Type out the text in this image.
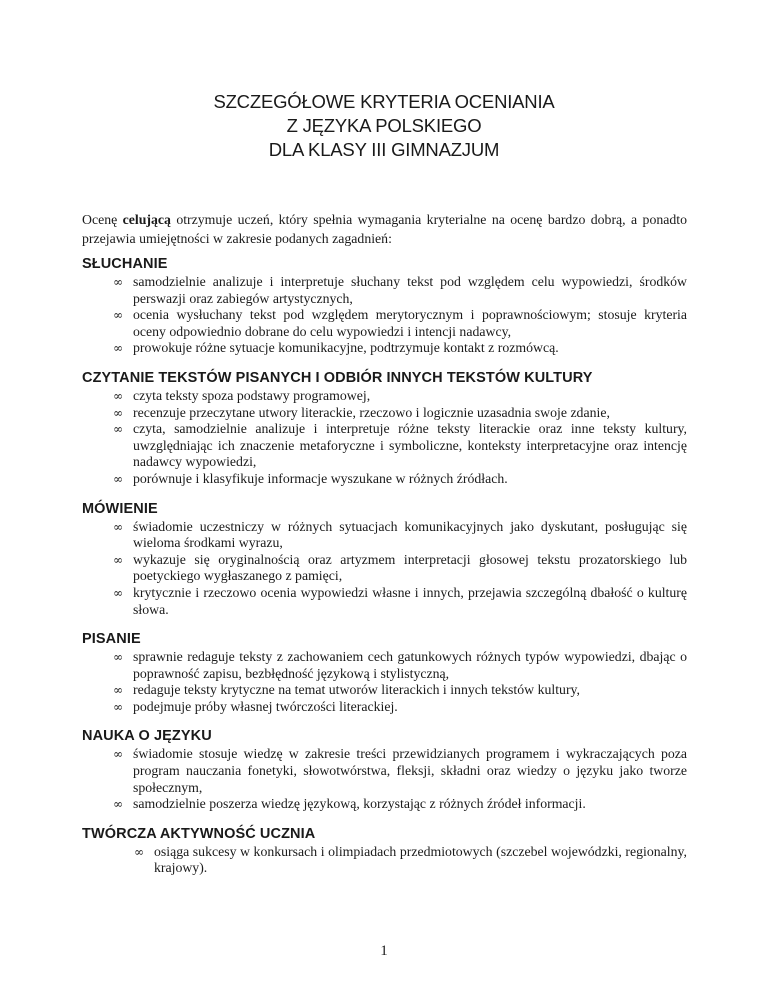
SZCZEGÓŁOWE KRYTERIA OCENIANIA
Z JĘZYKA POLSKIEGO
DLA KLASY III GIMNAZJUM

Ocenę celującą otrzymuje uczeń, który spełnia wymagania kryterialne na ocenę bardzo dobrą, a ponadto przejawia umiejętności w zakresie podanych zagadnień:

SŁUCHANIE
∞ samodzielnie analizuje i interpretuje słuchany tekst pod względem celu wypowiedzi, środków perswazji oraz zabiegów artystycznych,
∞ ocenia wysłuchany tekst pod względem merytorycznym i poprawnościowym; stosuje kryteria oceny odpowiednio dobrane do celu wypowiedzi i intencji nadawcy,
∞ prowokuje różne sytuacje komunikacyjne, podtrzymuje kontakt z rozmówcą.
CZYTANIE TEKSTÓW PISANYCH I ODBIÓR INNYCH TEKSTÓW KULTURY
∞ czyta teksty spoza podstawy programowej,
∞ recenzuje przeczytane utwory literackie, rzeczowo i logicznie uzasadnia swoje zdanie,
∞ czyta, samodzielnie analizuje i interpretuje różne teksty literackie oraz inne teksty kultury, uwzględniając ich znaczenie metaforyczne i symboliczne, konteksty interpretacyjne oraz intencję nadawcy wypowiedzi,
∞ porównuje i klasyfikuje informacje wyszukane w różnych źródłach.
MÓWIENIE
∞ świadomie uczestniczy w różnych sytuacjach komunikacyjnych jako dyskutant, posługując się wieloma środkami wyrazu,
∞ wykazuje się oryginalnością oraz artyzmem interpretacji głosowej tekstu prozatorskiego lub poetyckiego wygłaszanego z pamięci,
∞ krytycznie i rzeczowo ocenia wypowiedzi własne i innych, przejawia szczególną dbałość o kulturę słowa.
PISANIE
∞ sprawnie redaguje teksty z zachowaniem cech gatunkowych różnych typów wypowiedzi, dbając o poprawność zapisu, bezbłędność językową i stylistyczną,
∞ redaguje teksty krytyczne na temat utworów literackich i innych tekstów kultury,
∞ podejmuje próby własnej twórczości literackiej.
NAUKA O JĘZYKU
∞ świadomie stosuje wiedzę w zakresie treści przewidzianych programem i wykraczających poza program nauczania fonetyki, słowotwórstwa, fleksji, składni oraz wiedzy o języku jako tworze społecznym,
∞ samodzielnie poszerza wiedzę językową, korzystając z różnych źródeł informacji.
TWÓRCZA AKTYWNOŚĆ UCZNIA
∞ osiąga sukcesy w konkursach i olimpiadach przedmiotowych (szczebel wojewódzki, regionalny, krajowy).
1
